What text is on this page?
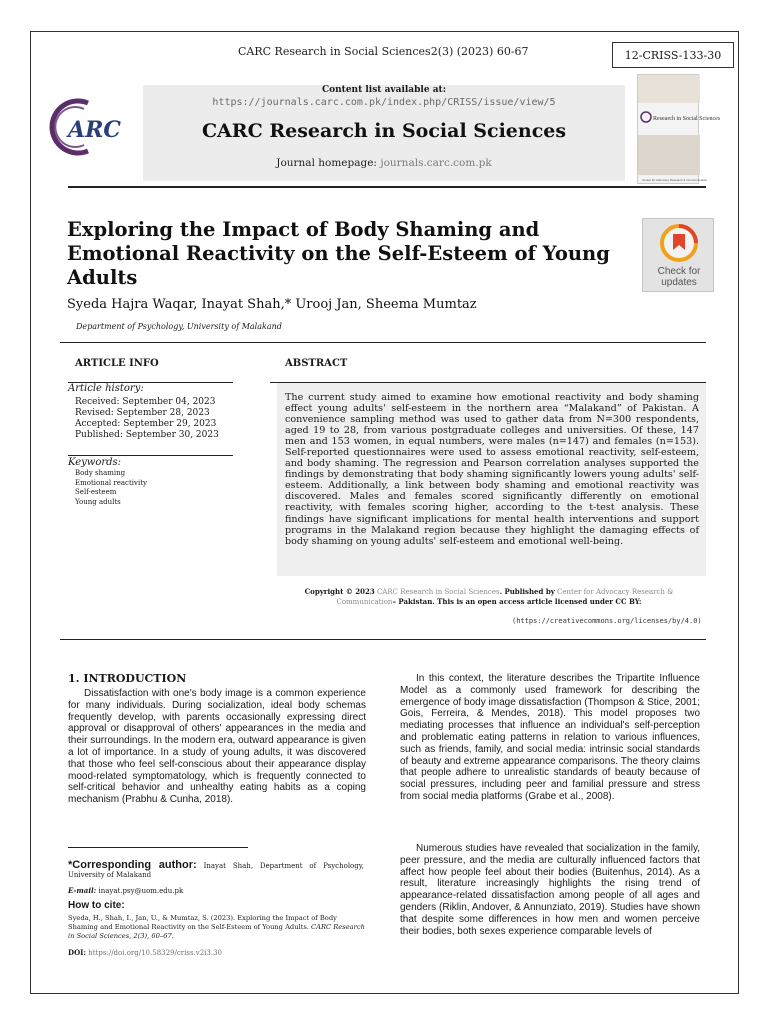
CARC Research in Social Sciences2(3) (2023) 60-67	12-CRISS-133-30
ARC
Content list available at:
https://journals.carc.com.pk/index.php/CRISS/issue/view/5
CARC Research in Social Sciences
Journal homepage: journals.carc.com.pk
Research in Social Sciences
Center for Advocacy Research & Communication
Exploring the Impact of Body Shaming and Emotional Reactivity on the Self-Esteem of Young Adults	Check for
updates
Syeda Hajra Waqar, Inayat Shah,* Urooj Jan, Sheema Mumtaz
Department of Psychology, University of Malakand
ARTICLE INFO	ABSTRACT
Article history:
Received: September 04, 2023
Revised: September 28, 2023
Accepted: September 29, 2023
Published: September 30, 2023
Keywords:
Body shaming
Emotional reactivity
Self-esteem
Young adults
The current study aimed to examine how emotional reactivity and body shaming effect young adults' self-esteem in the northern area “Malakand” of Pakistan. A convenience sampling method was used to gather data from N=300 respondents, aged 19 to 28, from various postgraduate colleges and universities. Of these, 147 men and 153 women, in equal numbers, were males (n=147) and females (n=153). Self-reported questionnaires were used to assess emotional reactivity, self-esteem, and body shaming. The regression and Pearson correlation analyses supported the findings by demonstrating that body shaming significantly lowers young adults' self-esteem. Additionally, a link between body shaming and emotional reactivity was discovered. Males and females scored significantly differently on emotional reactivity, with females scoring higher, according to the t-test analysis. These findings have significant implications for mental health interventions and support programs in the Malakand region because they highlight the damaging effects of body shaming on young adults' self-esteem and emotional well-being.
Copyright © 2023 CARC Research in Social Sciences. Published by Center for Advocacy Research & Communication– Pakistan. This is an open access article licensed under CC BY:
(https://creativecommons.org/licenses/by/4.0)
1. INTRODUCTION
Dissatisfaction with one's body image is a common experience for many individuals. During socialization, ideal body schemas frequently develop, with parents occasionally expressing direct approval or disapproval of others' appearances in the media and their surroundings. In the modern era, outward appearance is given a lot of importance. In a study of young adults, it was discovered that those who feel self-conscious about their appearance display mood-related symptomatology, which is frequently connected to self-critical behavior and unhealthy eating habits as a coping mechanism (Prabhu & Cunha, 2018).
In this context, the literature describes the Tripartite Influence Model as a commonly used framework for describing the emergence of body image dissatisfaction (Thompson & Stice, 2001; Gois, Ferreira, & Mendes, 2018). This model proposes two mediating processes that influence an individual's self-perception and problematic eating patterns in relation to various influences, such as friends, family, and social media: intrinsic social standards of beauty and extreme appearance comparisons. The theory claims that people adhere to unrealistic standards of beauty because of social pressures, including peer and familial pressure and stress from social media platforms (Grabe et al., 2008).
Numerous studies have revealed that socialization in the family, peer pressure, and the media are culturally influenced factors that affect how people feel about their bodies (Buitenhus, 2014). As a result, literature increasingly highlights the rising trend of appearance-related dissatisfaction among people of all ages and genders (Riklin, Andover, & Annunziato, 2019). Studies have shown that despite some differences in how men and women perceive their bodies, both sexes experience comparable levels of
*Corresponding author: Inayat Shah, Department of Psychology, University of Malakand
E-mail: inayat.psy@uom.edu.pk
How to cite:
Syeda, H., Shah, I., Jan, U., & Mumtaz, S. (2023). Exploring the Impact of Body Shaming and Emotional Reactivity on the Self-Esteem of Young Adults. CARC Research in Social Sciences, 2(3), 60–67.
DOI: https://doi.org/10.58329/criss.v2i3.30
